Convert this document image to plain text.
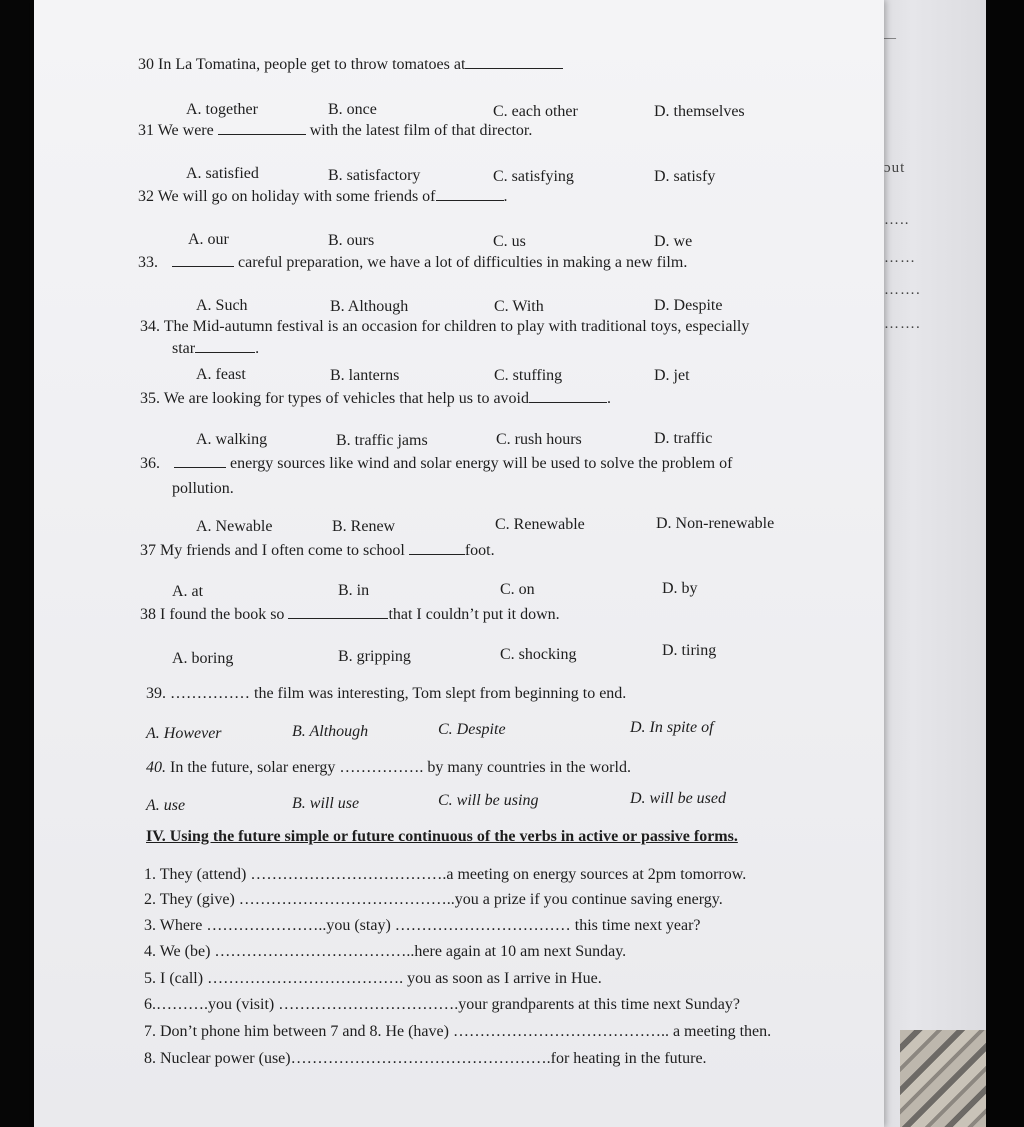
—
ɔut
…..
……
…….
…….
30 In La Tomatina, people get to throw tomatoes at
A. together	B. once	C. each other	D. themselves
31 We were	with the latest film of that director.
A. satisfied	B. satisfactory	C. satisfying	D. satisfy
32 We will go on holiday with some friends of	.
A. our	B. ours	C. us	D. we
33.	careful preparation, we have a lot of difficulties in making a new film.
A. Such	B. Although	C. With	D. Despite
34. The Mid-autumn festival is an occasion for children to play with traditional toys, especially
star	.
A. feast	B. lanterns	C. stuffing	D. jet
35. We are looking for types of vehicles that help us to avoid	.
A. walking	B. traffic jams	C. rush hours	D. traffic
36.	energy sources like wind and solar energy will be used to solve the problem of
pollution.
A. Newable	B. Renew	C. Renewable	D. Non-renewable
37 My friends and I often come to school	foot.
A. at	B. in	C. on	D. by
38 I found the book so	that I couldn’t put it down.
A. boring	B. gripping	C. shocking	D. tiring
39. …………… the film was interesting, Tom slept from beginning to end.
A. However	B. Although	C. Despite	D. In spite of
40. In the future, solar energy ……………. by many countries in the world.
A. use	B. will use	C. will be using	D. will be used
IV. Using the future simple or future continuous of the verbs in active or passive forms.
1. They (attend) ……………………………….a meeting on energy sources at 2pm tomorrow.
2. They (give) …………………………………..you a prize if you continue saving energy.
3. Where …………………..you (stay) …………………………… this time next year?
4. We (be) ………………………………..here again at 10 am next Sunday.
5. I (call) ………………………………. you as soon as I arrive in Hue.
6.……….you (visit) …………………………….your grandparents at this time next Sunday?
7. Don’t phone him between 7 and 8. He (have) ………………………………….. a meeting then.
8. Nuclear power (use)………………………………………….for heating in the future.
